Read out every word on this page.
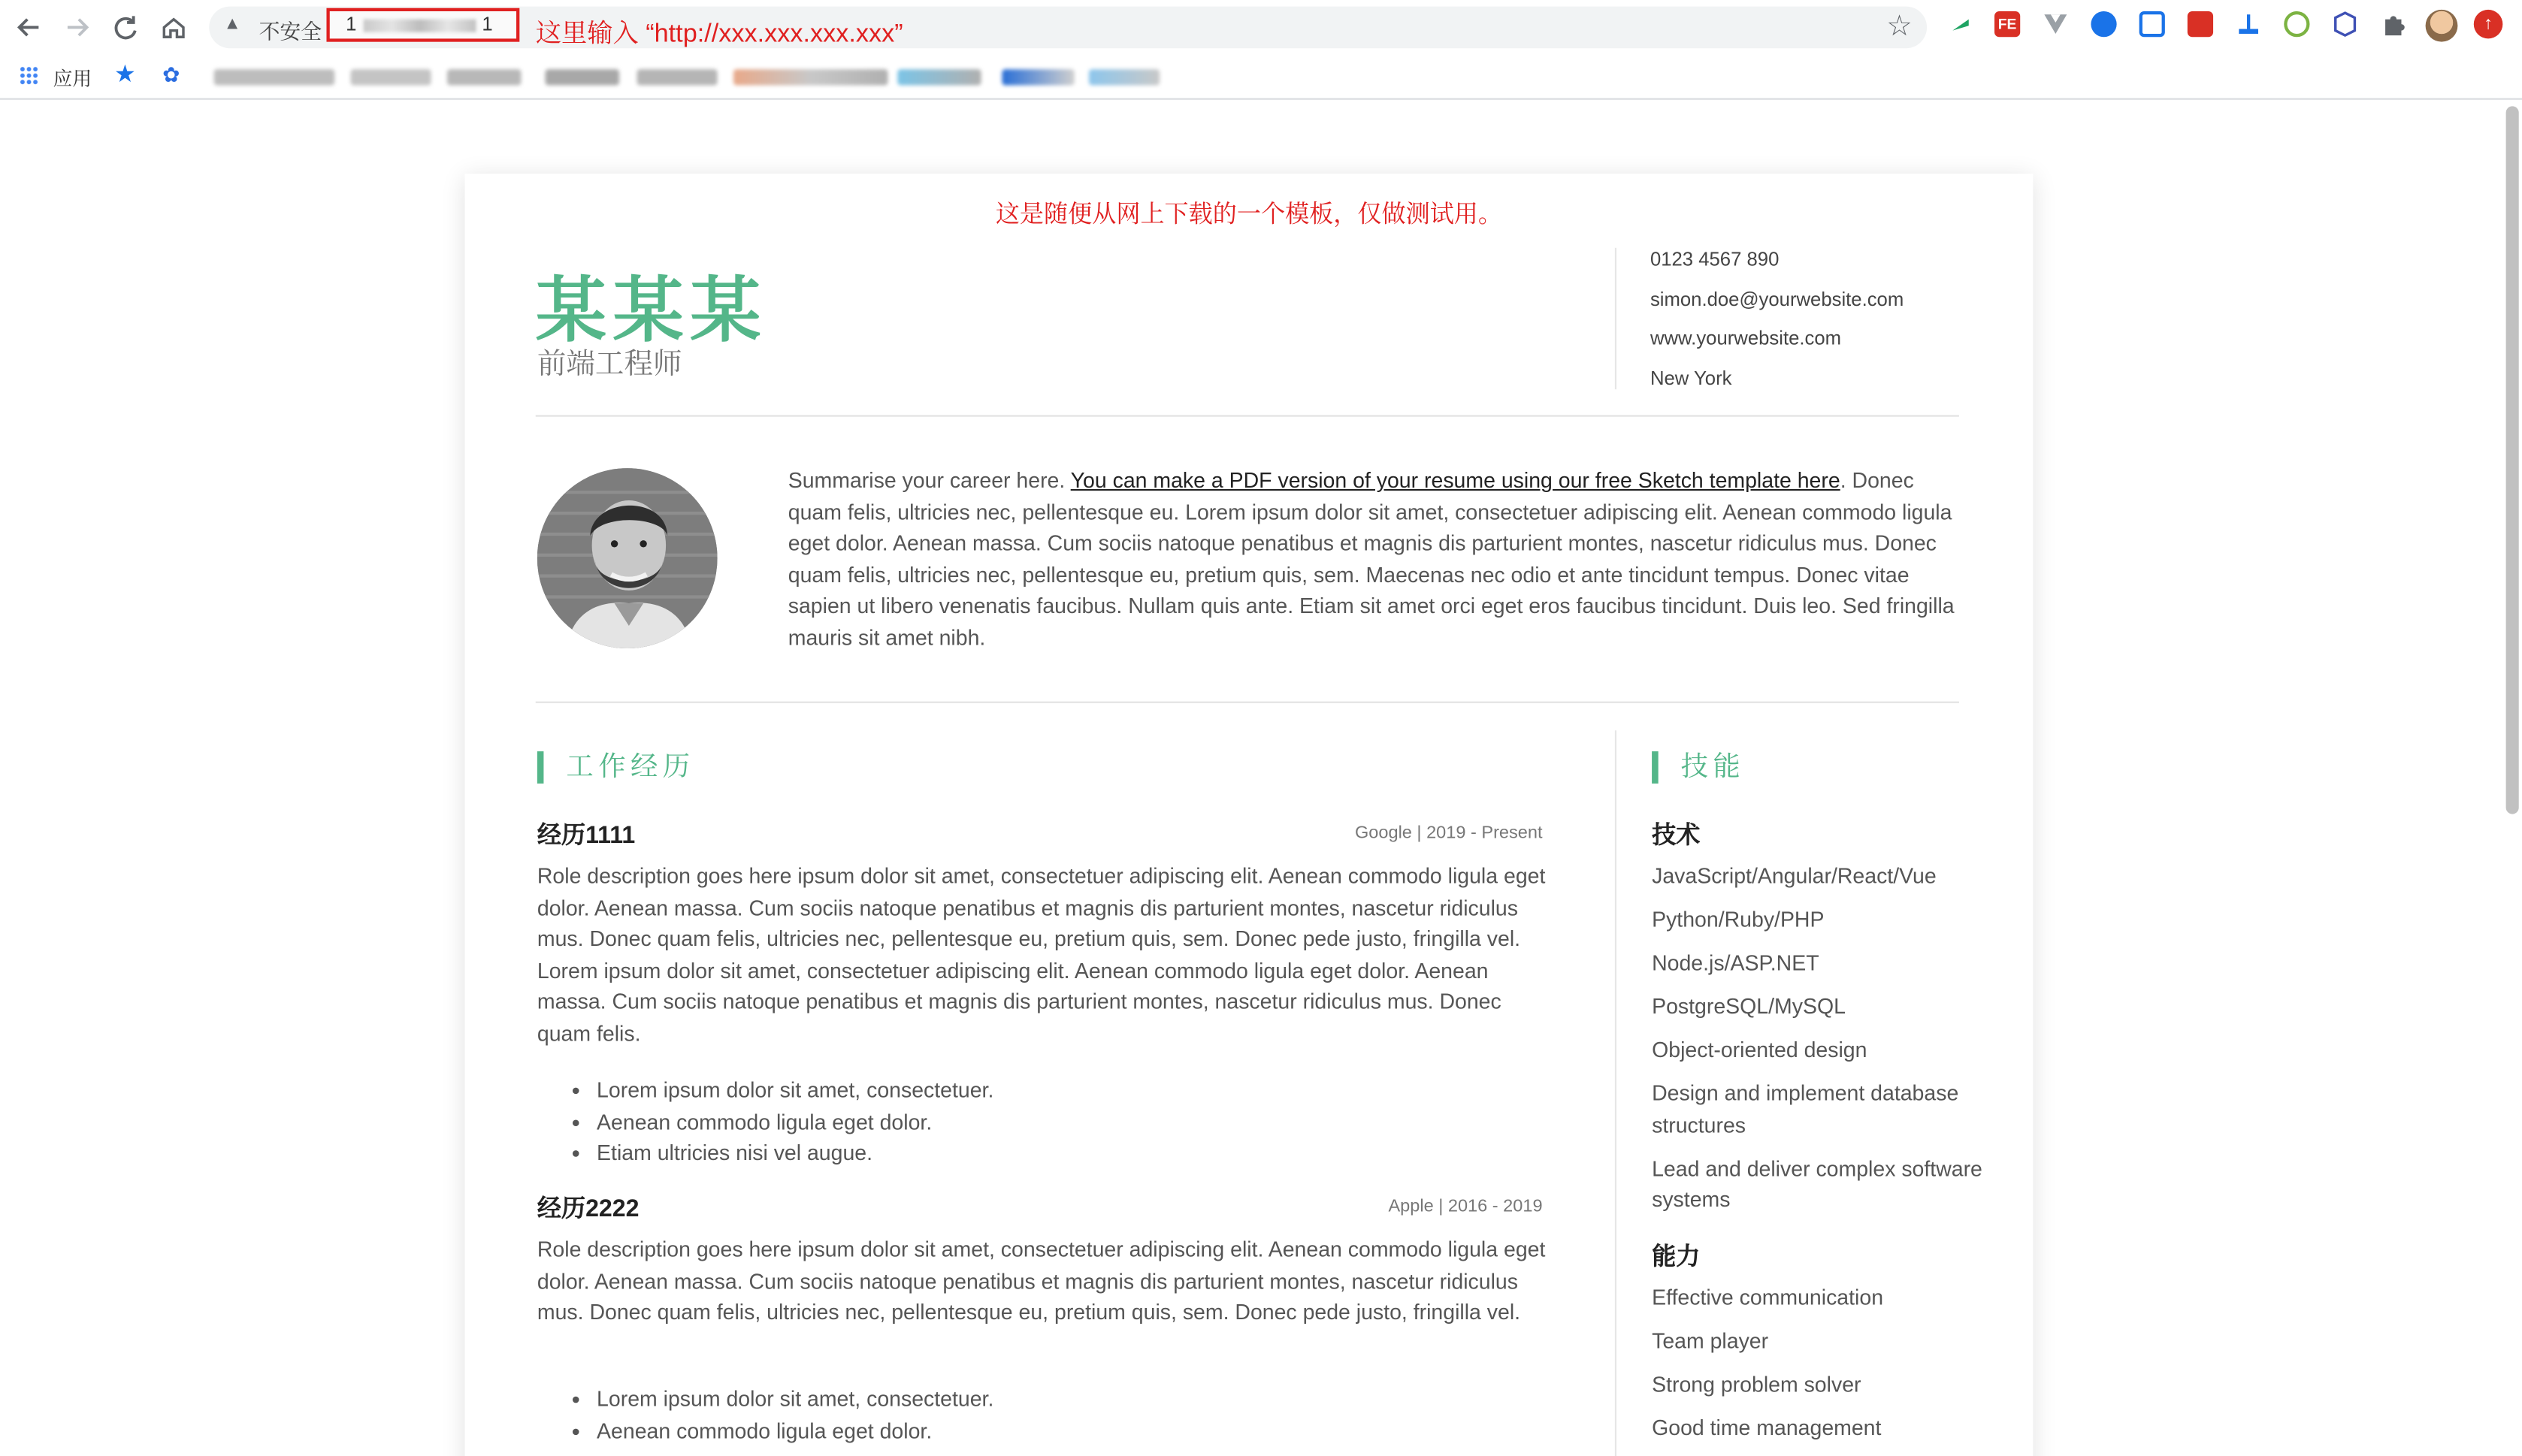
▲ 不安全	1	1	这里输入 “http://xxx.xxx.xxx.xxx”	☆	FE	↑
应用 ★	✿
这是随便从网上下载的一个模板，仅做测试用。
某某某
前端工程师
0123 4567 890
simon.doe@yourwebsite.com
www.yourwebsite.com
New York
Summarise your career here. You can make a PDF version of your resume using our free Sketch template here. Donec quam felis, ultricies nec, pellentesque eu. Lorem ipsum dolor sit amet, consectetuer adipiscing elit. Aenean commodo ligula eget dolor. Aenean massa. Cum sociis natoque penatibus et magnis dis parturient montes, nascetur ridiculus mus. Donec quam felis, ultricies nec, pellentesque eu, pretium quis, sem. Maecenas nec odio et ante tincidunt tempus. Donec vitae sapien ut libero venenatis faucibus. Nullam quis ante. Etiam sit amet orci eget eros faucibus tincidunt. Duis leo. Sed fringilla mauris sit amet nibh.
工作经历
经历1111	Google | 2019 - Present
Role description goes here ipsum dolor sit amet, consectetuer adipiscing elit. Aenean commodo ligula eget dolor. Aenean massa. Cum sociis natoque penatibus et magnis dis parturient montes, nascetur ridiculus mus. Donec quam felis, ultricies nec, pellentesque eu, pretium quis, sem. Donec pede justo, fringilla vel. Lorem ipsum dolor sit amet, consectetuer adipiscing elit. Aenean commodo ligula eget dolor. Aenean massa. Cum sociis natoque penatibus et magnis dis parturient montes, nascetur ridiculus mus. Donec quam felis.
• Lorem ipsum dolor sit amet, consectetuer.
• Aenean commodo ligula eget dolor.
• Etiam ultricies nisi vel augue.
经历2222	Apple | 2016 - 2019
Role description goes here ipsum dolor sit amet, consectetuer adipiscing elit. Aenean commodo ligula eget dolor. Aenean massa. Cum sociis natoque penatibus et magnis dis parturient montes, nascetur ridiculus mus. Donec quam felis, ultricies nec, pellentesque eu, pretium quis, sem. Donec pede justo, fringilla vel.
• Lorem ipsum dolor sit amet, consectetuer.
• Aenean commodo ligula eget dolor.
技能
技术
JavaScript/Angular/React/Vue
Python/Ruby/PHP
Node.js/ASP.NET
PostgreSQL/MySQL
Object-oriented design
Design and implement database structures
Lead and deliver complex software systems
能力
Effective communication
Team player
Strong problem solver
Good time management
